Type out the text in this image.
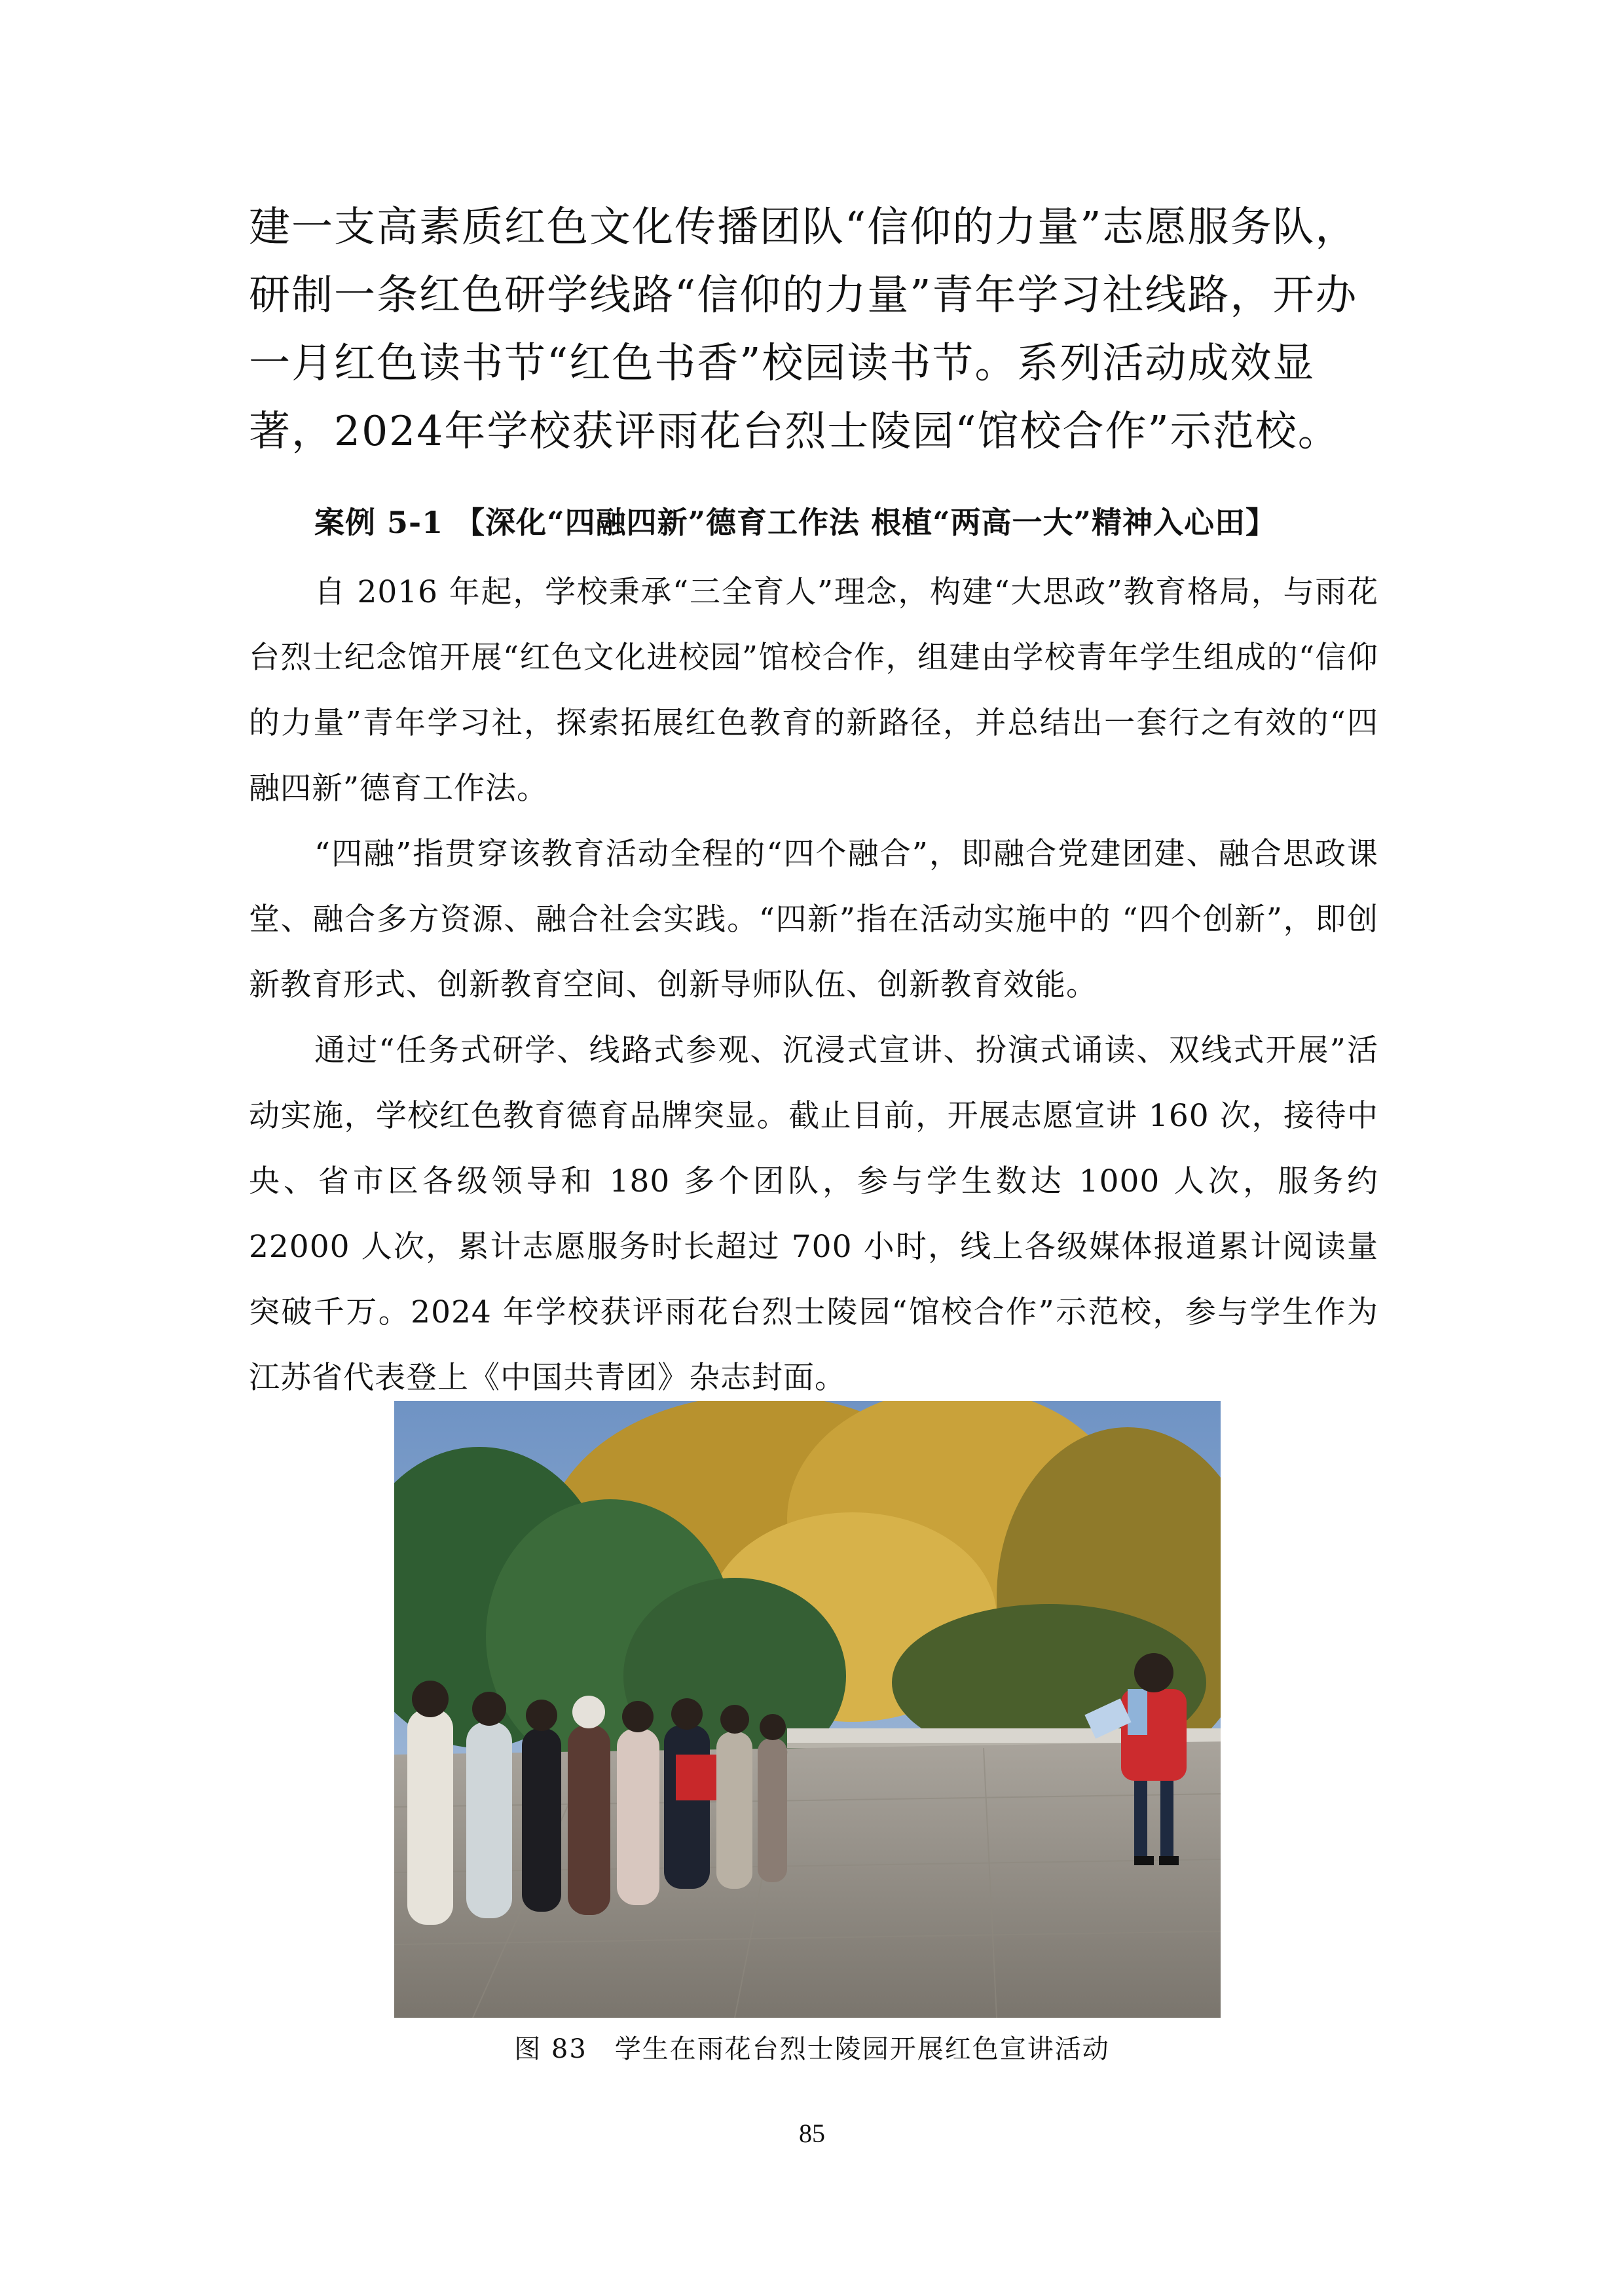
建一支高素质红色文化传播团队“信仰的力量”志愿服务队，研制一条红色研学线路“信仰的力量”青年学习社线路，开办一月红色读书节“红色书香”校园读书节。系列活动成效显著，2024年学校获评雨花台烈士陵园“馆校合作”示范校。

案例 5-1 【深化“四融四新”德育工作法 根植“两高一大”精神入心田】

自 2016 年起，学校秉承“三全育人”理念，构建“大思政”教育格局，与雨花台烈士纪念馆开展“红色文化进校园”馆校合作，组建由学校青年学生组成的“信仰的力量”青年学习社，探索拓展红色教育的新路径，并总结出一套行之有效的“四融四新”德育工作法。

“四融”指贯穿该教育活动全程的“四个融合”，即融合党建团建、融合思政课堂、融合多方资源、融合社会实践。“四新”指在活动实施中的 “四个创新”，即创新教育形式、创新教育空间、创新导师队伍、创新教育效能。

通过“任务式研学、线路式参观、沉浸式宣讲、扮演式诵读、双线式开展”活动实施，学校红色教育德育品牌突显。截止目前，开展志愿宣讲 160 次，接待中央、省市区各级领导和 180 多个团队，参与学生数达 1000 人次，服务约 22000 人次，累计志愿服务时长超过 700 小时，线上各级媒体报道累计阅读量突破千万。2024 年学校获评雨花台烈士陵园“馆校合作”示范校，参与学生作为江苏省代表登上《中国共青团》杂志封面。

图 83　学生在雨花台烈士陵园开展红色宣讲活动
85
